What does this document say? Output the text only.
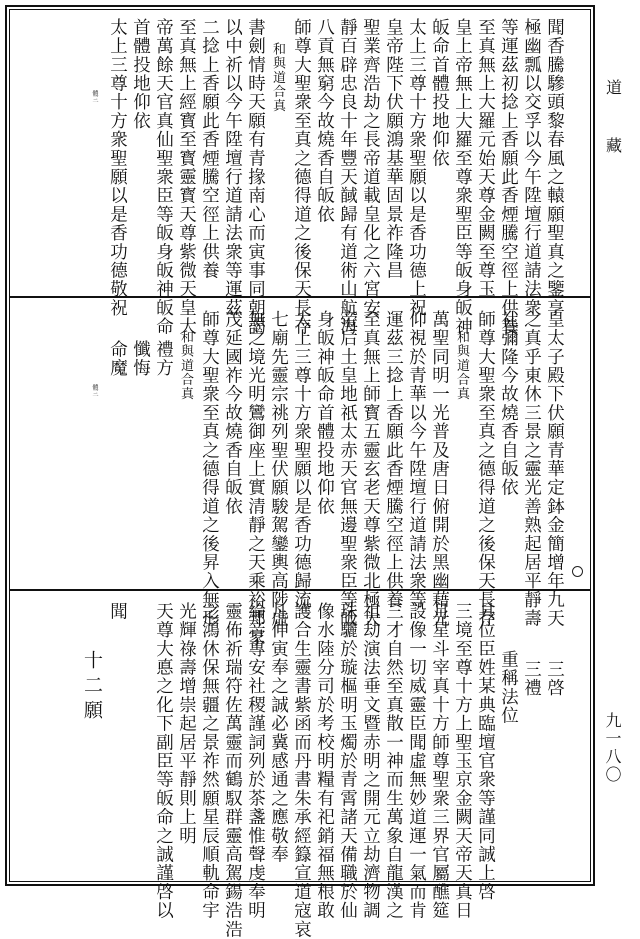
道
藏
九一八〇
聞香騰驂頭黎春風之轅願聖真之鑒享
極幽瓢以交孚以今午陞壇行道請法衆
等運茲初捻上香願此香煙騰空徑上供養
至真無上大羅元始天尊金闕至尊玉
皇上帝無上大羅至尊衆聖臣等皈身皈神
皈命首體投地仰依
太上三尊十方衆聖願以是香功德上祝
皇帝陛下伏願鴻基華固景祚隆昌
聖業齊浩劫之長帝道載皇化之六宮安
靜百辟忠良十年豐天馘歸有道術山航海
八貢無窮今故燒香自皈依
師尊大聖衆至真之德得道之後保天長存
和與道合真
書劍情時天願有青掾南心而寅事同朝謁
以中祈以今午陞壇行道請法衆等運茲
二捻上香願此香煙騰空徑上供養
至真無上經寳至寳靈寳天尊紫微天皇大
帝萬餘天官真仙聖衆臣等皈身皈神皈命
首體投地仰依
太上三尊十方衆聖願以是香功德敬祝
體三
皇太子殿下伏願青華定鉢金簡增年九天
之真乎東休三景之靈光善熟起居平靜壽
社彌隆今故燒香自皈依
師尊大聖衆至真之德得道之後保天長存
和與道合真
萬聖同明一光普及唐日俯開於黑幽藉光
仰視於青華以今午陞壇行道請法衆等
運茲三捻上香願此香煙騰空徑上供養
至真無上師寳五靈玄老天尊紫微北極大
帝后土皇地祇太赤天官無邊聖衆臣等皈
身皈神皈命首體投地仰依
太上三尊十方衆聖願以是香功德歸流
七廟先靈宗祧列聖伏願駿駕鑾輿高陟虛
無之境光明鸞御座上實清靜之天乘裕邦家
茂延國祚今故燒香自皈依
師尊大聖衆至真之德得道之後昇入無形
和與道合真
禮方
懺悔
命魔
體三
三啓
三禮
重稱法位
具位臣姓某典臨壇官衆等謹同誠上啓
三境至尊十方上聖玉京金闕天帝天真日
月星斗宰真十方師尊聖衆三界官屬醮筵
設像一切威靈臣聞虛無妙道運一氣而肯
三才自然至真散一神而生萬象自龍漢之
祖劫演法垂文暨赤明之開元立劫濟物調
珠驪於璇樞明玉燭於青霄諸天備職於仙
像水陸分司於考校明糧有祀銷福無根敢
護合生靈書紫函而丹書朱承經籙宣道寇哀
凡伸寅奉之誠必冀感通之應敬奉
綸音專安社稷謹詞列於茶盞惟聲虔奉明
靈佈祈瑞符佐萬靈而鶴馭群靈高駕鍚浩浩
之鴻休保無疆之景祚然願星辰順軌命宇
光輝祿壽增崇起居平靜則上明
天尊大悳之化下副臣等皈命之誠謹啓以
聞
十二願
